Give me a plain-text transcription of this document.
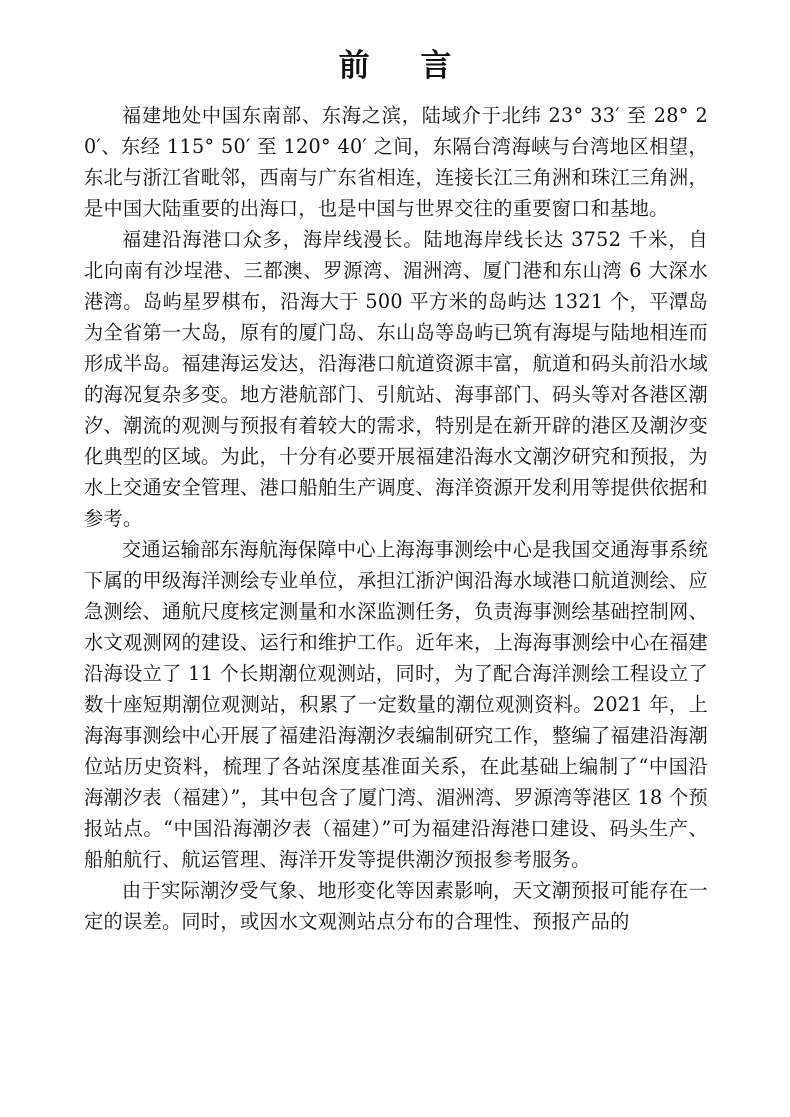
前 言

福建地处中国东南部、东海之滨，陆域介于北纬 23° 33′ 至 28° 20′、东经 115° 50′ 至 120° 40′ 之间，东隔台湾海峡与台湾地区相望，东北与浙江省毗邻，西南与广东省相连，连接长江三角洲和珠江三角洲，是中国大陆重要的出海口，也是中国与世界交往的重要窗口和基地。

福建沿海港口众多，海岸线漫长。陆地海岸线长达 3752 千米，自北向南有沙埕港、三都澳、罗源湾、湄洲湾、厦门港和东山湾 6 大深水港湾。岛屿星罗棋布，沿海大于 500 平方米的岛屿达 1321 个，平潭岛为全省第一大岛，原有的厦门岛、东山岛等岛屿已筑有海堤与陆地相连而形成半岛。福建海运发达，沿海港口航道资源丰富，航道和码头前沿水域的海况复杂多变。地方港航部门、引航站、海事部门、码头等对各港区潮汐、潮流的观测与预报有着较大的需求，特别是在新开辟的港区及潮汐变化典型的区域。为此，十分有必要开展福建沿海水文潮汐研究和预报，为水上交通安全管理、港口船舶生产调度、海洋资源开发利用等提供依据和参考。

交通运输部东海航海保障中心上海海事测绘中心是我国交通海事系统下属的甲级海洋测绘专业单位，承担江浙沪闽沿海水域港口航道测绘、应急测绘、通航尺度核定测量和水深监测任务，负责海事测绘基础控制网、水文观测网的建设、运行和维护工作。近年来，上海海事测绘中心在福建沿海设立了 11 个长期潮位观测站，同时，为了配合海洋测绘工程设立了数十座短期潮位观测站，积累了一定数量的潮位观测资料。2021 年，上海海事测绘中心开展了福建沿海潮汐表编制研究工作，整编了福建沿海潮位站历史资料，梳理了各站深度基准面关系，在此基础上编制了“中国沿海潮汐表（福建）”，其中包含了厦门湾、湄洲湾、罗源湾等港区 18 个预报站点。“中国沿海潮汐表（福建）”可为福建沿海港口建设、码头生产、船舶航行、航运管理、海洋开发等提供潮汐预报参考服务。

由于实际潮汐受气象、地形变化等因素影响，天文潮预报可能存在一定的误差。同时，或因水文观测站点分布的合理性、预报产品的
